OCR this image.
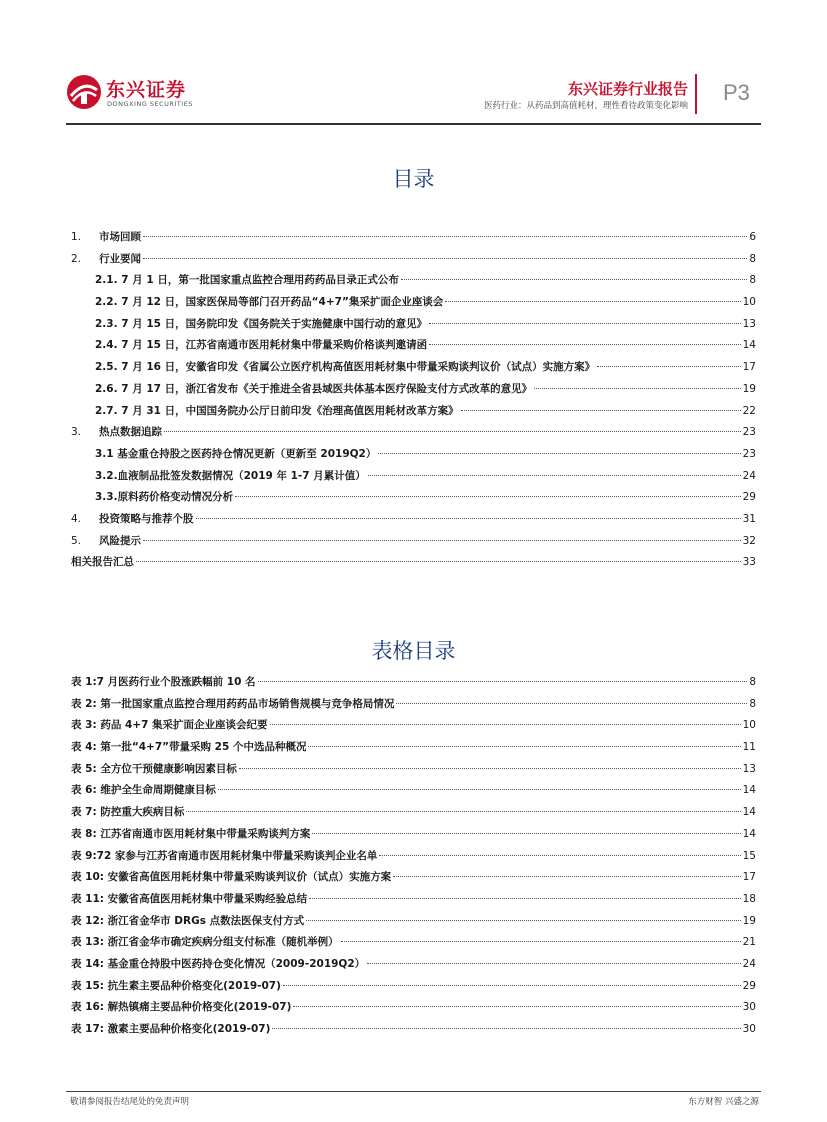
东兴证券
DONGXING SECURITIES
东兴证券行业报告
医药行业：从药品到高值耗材，理性看待政策变化影响
P3
目录
1.	市场回顾	6
2.	行业要闻	8
2.1. 7 月 1 日，第一批国家重点监控合理用药药品目录正式公布	8
2.2. 7 月 12 日，国家医保局等部门召开药品“4+7”集采扩面企业座谈会	10
2.3. 7 月 15 日，国务院印发《国务院关于实施健康中国行动的意见》	13
2.4. 7 月 15 日，江苏省南通市医用耗材集中带量采购价格谈判邀请函	14
2.5. 7 月 16 日，安徽省印发《省属公立医疗机构高值医用耗材集中带量采购谈判议价（试点）实施方案》	17
2.6. 7 月 17 日，浙江省发布《关于推进全省县域医共体基本医疗保险支付方式改革的意见》	19
2.7. 7 月 31 日，中国国务院办公厅日前印发《治理高值医用耗材改革方案》	22
3.	热点数据追踪	23
3.1 基金重仓持股之医药持仓情况更新（更新至 2019Q2）	23
3.2.血液制品批签发数据情况（2019 年 1-7 月累计值）	24
3.3.原料药价格变动情况分析	29
4.	投资策略与推荐个股	31
5.	风险提示	32
相关报告汇总	33
表格目录
表 1:7 月医药行业个股涨跌幅前 10 名	8
表 2: 第一批国家重点监控合理用药药品市场销售规模与竞争格局情况	8
表 3: 药品 4+7 集采扩面企业座谈会纪要	10
表 4: 第一批“4+7”带量采购 25 个中选品种概况	11
表 5: 全方位干预健康影响因素目标	13
表 6: 维护全生命周期健康目标	14
表 7: 防控重大疾病目标	14
表 8: 江苏省南通市医用耗材集中带量采购谈判方案	14
表 9:72 家参与江苏省南通市医用耗材集中带量采购谈判企业名单	15
表 10: 安徽省高值医用耗材集中带量采购谈判议价（试点）实施方案	17
表 11: 安徽省高值医用耗材集中带量采购经验总结	18
表 12: 浙江省金华市 DRGs 点数法医保支付方式	19
表 13: 浙江省金华市确定疾病分组支付标准（随机举例）	21
表 14: 基金重仓持股中医药持仓变化情况（2009-2019Q2）	24
表 15: 抗生素主要品种价格变化(2019-07)	29
表 16: 解热镇痛主要品种价格变化(2019-07)	30
表 17: 激素主要品种价格变化(2019-07)	30
敬请参阅报告结尾处的免责声明	东方财智 兴盛之源
